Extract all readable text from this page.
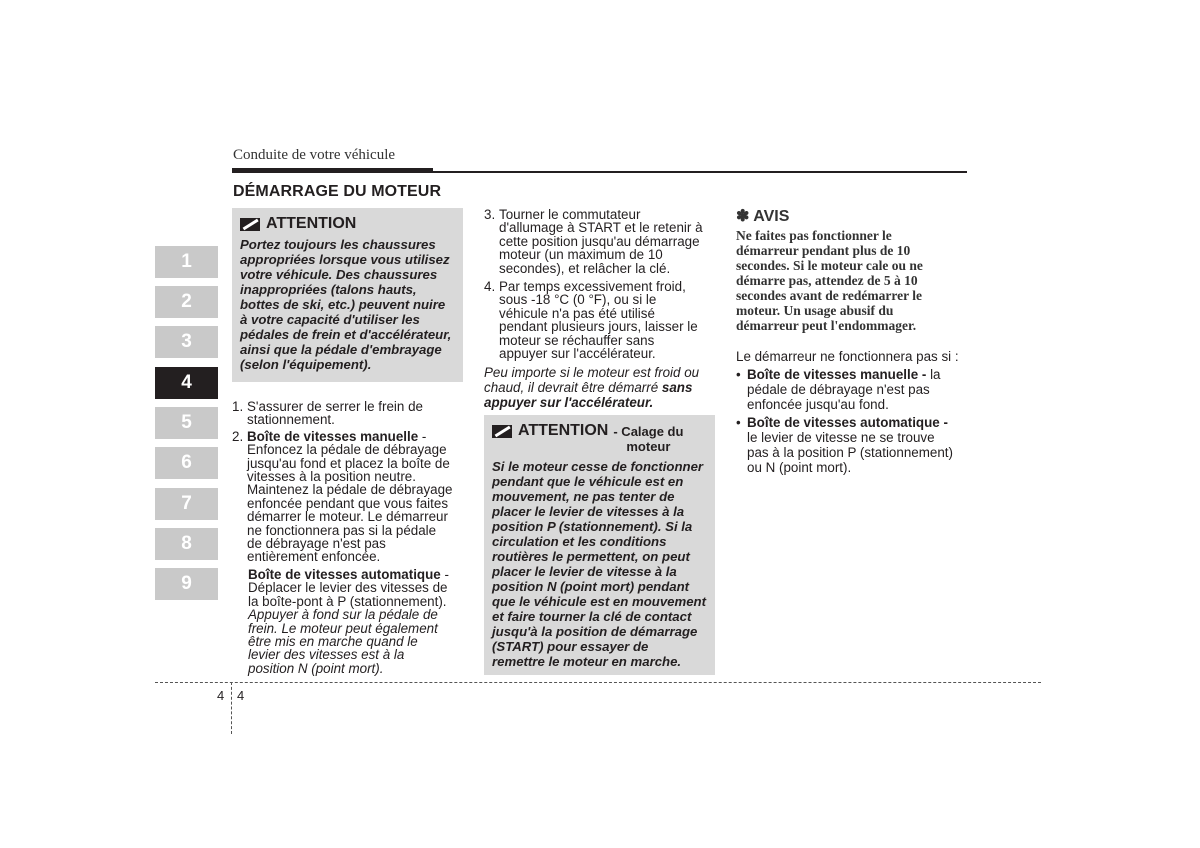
Conduite de votre véhicule
1
2
3
4
5
6
7
8
9
DÉMARRAGE DU MOTEUR
ATTENTION
Portez toujours les chaussures
appropriées lorsque vous utilisez
votre véhicule. Des chaussures
inappropriées (talons hauts,
bottes de ski, etc.) peuvent nuire
à votre capacité d'utiliser les
pédales de frein et d'accélérateur,
ainsi que la pédale d'embrayage
(selon l'équipement).
1. S'assurer de serrer le frein de
stationnement.
2. Boîte de vitesses manuelle -
Enfoncez la pédale de débrayage
jusqu'au fond et placez la boîte de
vitesses à la position neutre.
Maintenez la pédale de débrayage
enfoncée pendant que vous faites
démarrer le moteur. Le démarreur
ne fonctionnera pas si la pédale
de débrayage n'est pas
entièrement enfoncée.
Boîte de vitesses automatique -
Déplacer le levier des vitesses de
la boîte-pont à P (stationnement).
Appuyer à fond sur la pédale de
frein. Le moteur peut également
être mis en marche quand le
levier des vitesses est à la
position N (point mort).
3. Tourner le commutateur
d'allumage à START et le retenir à
cette position jusqu'au démarrage
moteur (un maximum de 10
secondes), et relâcher la clé.
4. Par temps excessivement froid,
sous -18 °C (0 °F), ou si le
véhicule n'a pas été utilisé
pendant plusieurs jours, laisser le
moteur se réchauffer sans
appuyer sur l'accélérateur.
Peu importe si le moteur est froid ou
chaud, il devrait être démarré sans
appuyer sur l'accélérateur.
ATTENTION - Calage du
moteur
Si le moteur cesse de fonctionner
pendant que le véhicule est en
mouvement, ne pas tenter de
placer le levier de vitesses à la
position P (stationnement). Si la
circulation et les conditions
routières le permettent, on peut
placer le levier de vitesse à la
position N (point mort) pendant
que le véhicule est en mouvement
et faire tourner la clé de contact
jusqu'à la position de démarrage
(START) pour essayer de
remettre le moteur en marche.
✽ AVIS
Ne faites pas fonctionner le
démarreur pendant plus de 10
secondes. Si le moteur cale ou ne
démarre pas, attendez de 5 à 10
secondes avant de redémarrer le
moteur. Un usage abusif du
démarreur peut l'endommager.
Le démarreur ne fonctionnera pas si :
• Boîte de vitesses manuelle - la
pédale de débrayage n'est pas
enfoncée jusqu'au fond.
• Boîte de vitesses automatique -
le levier de vitesse ne se trouve
pas à la position P (stationnement)
ou N (point mort).
4 4
